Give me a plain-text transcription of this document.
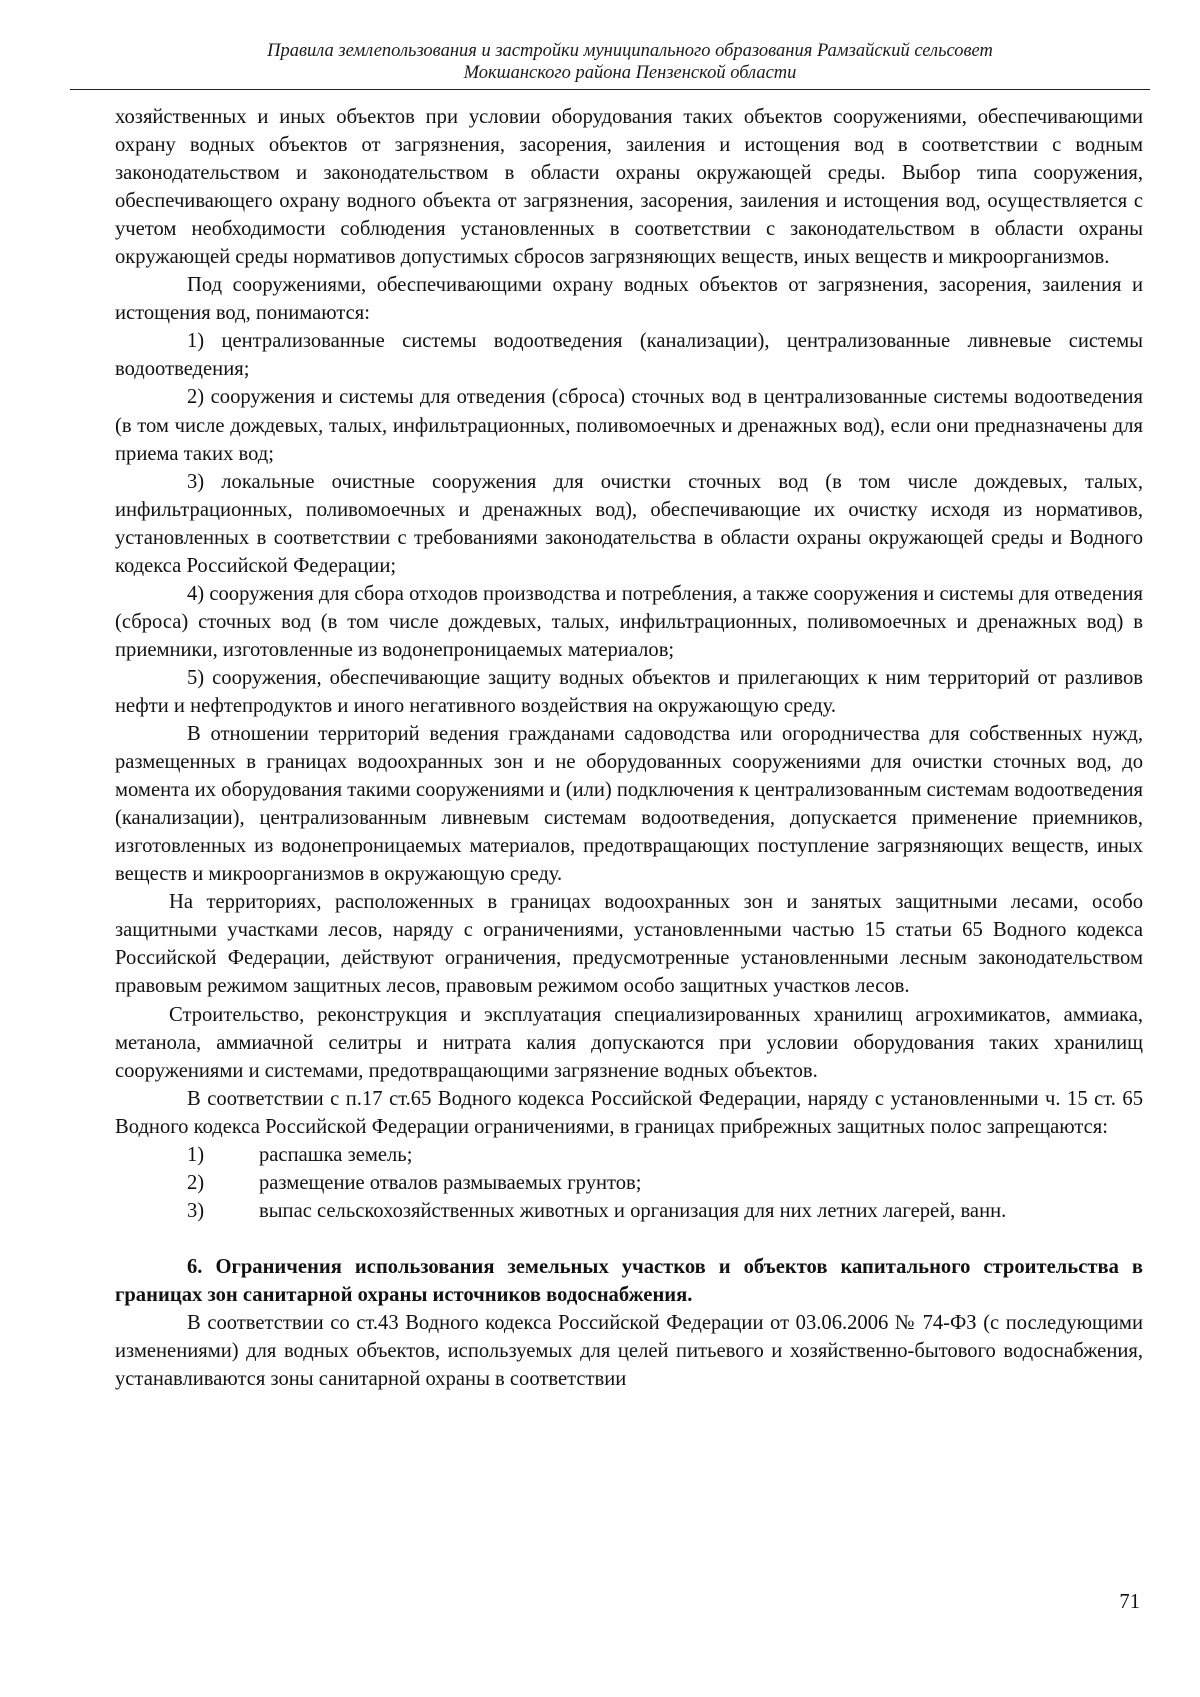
Правила землепользования и застройки муниципального образования Рамзайский сельсовет
Мокшанского района Пензенской области

хозяйственных и иных объектов при условии оборудования таких объектов сооружениями, обеспечивающими охрану водных объектов от загрязнения, засорения, заиления и истощения вод в соответствии с водным законодательством и законодательством в области охраны окружающей среды. Выбор типа сооружения, обеспечивающего охрану водного объекта от загрязнения, засорения, заиления и истощения вод, осуществляется с учетом необходимости соблюдения установленных в соответствии с законодательством в области охраны окружающей среды нормативов допустимых сбросов загрязняющих веществ, иных веществ и микроорганизмов.

Под сооружениями, обеспечивающими охрану водных объектов от загрязнения, засорения, заиления и истощения вод, понимаются:

1) централизованные системы водоотведения (канализации), централизованные ливневые системы водоотведения;

2) сооружения и системы для отведения (сброса) сточных вод в централизованные системы водоотведения (в том числе дождевых, талых, инфильтрационных, поливомоечных и дренажных вод), если они предназначены для приема таких вод;

3) локальные очистные сооружения для очистки сточных вод (в том числе дождевых, талых, инфильтрационных, поливомоечных и дренажных вод), обеспечивающие их очистку исходя из нормативов, установленных в соответствии с требованиями законодательства в области охраны окружающей среды и Водного кодекса Российской Федерации;

4) сооружения для сбора отходов производства и потребления, а также сооружения и системы для отведения (сброса) сточных вод (в том числе дождевых, талых, инфильтрационных, поливомоечных и дренажных вод) в приемники, изготовленные из водонепроницаемых материалов;

5) сооружения, обеспечивающие защиту водных объектов и прилегающих к ним территорий от разливов нефти и нефтепродуктов и иного негативного воздействия на окружающую среду.

В отношении территорий ведения гражданами садоводства или огородничества для собственных нужд, размещенных в границах водоохранных зон и не оборудованных сооружениями для очистки сточных вод, до момента их оборудования такими сооружениями и (или) подключения к централизованным системам водоотведения (канализации), централизованным ливневым системам водоотведения, допускается применение приемников, изготовленных из водонепроницаемых материалов, предотвращающих поступление загрязняющих веществ, иных веществ и микроорганизмов в окружающую среду.

На территориях, расположенных в границах водоохранных зон и занятых защитными лесами, особо защитными участками лесов, наряду с ограничениями, установленными частью 15 статьи 65 Водного кодекса Российской Федерации, действуют ограничения, предусмотренные установленными лесным законодательством правовым режимом защитных лесов, правовым режимом особо защитных участков лесов.

Строительство, реконструкция и эксплуатация специализированных хранилищ агрохимикатов, аммиака, метанола, аммиачной селитры и нитрата калия допускаются при условии оборудования таких хранилищ сооружениями и системами, предотвращающими загрязнение водных объектов.

В соответствии с п.17 ст.65 Водного кодекса Российской Федерации, наряду с установленными ч. 15 ст. 65 Водного кодекса Российской Федерации ограничениями, в границах прибрежных защитных полос запрещаются:

1)	распашка земель;
2)	размещение отвалов размываемых грунтов;
3)	выпас сельскохозяйственных животных и организация для них летних лагерей, ванн.

6. Ограничения использования земельных участков и объектов капитального строительства в границах зон санитарной охраны источников водоснабжения.

В соответствии со ст.43 Водного кодекса Российской Федерации от 03.06.2006 № 74-ФЗ (с последующими изменениями) для водных объектов, используемых для целей питьевого и хозяйственно-бытового водоснабжения, устанавливаются зоны санитарной охраны в соответствии

71
